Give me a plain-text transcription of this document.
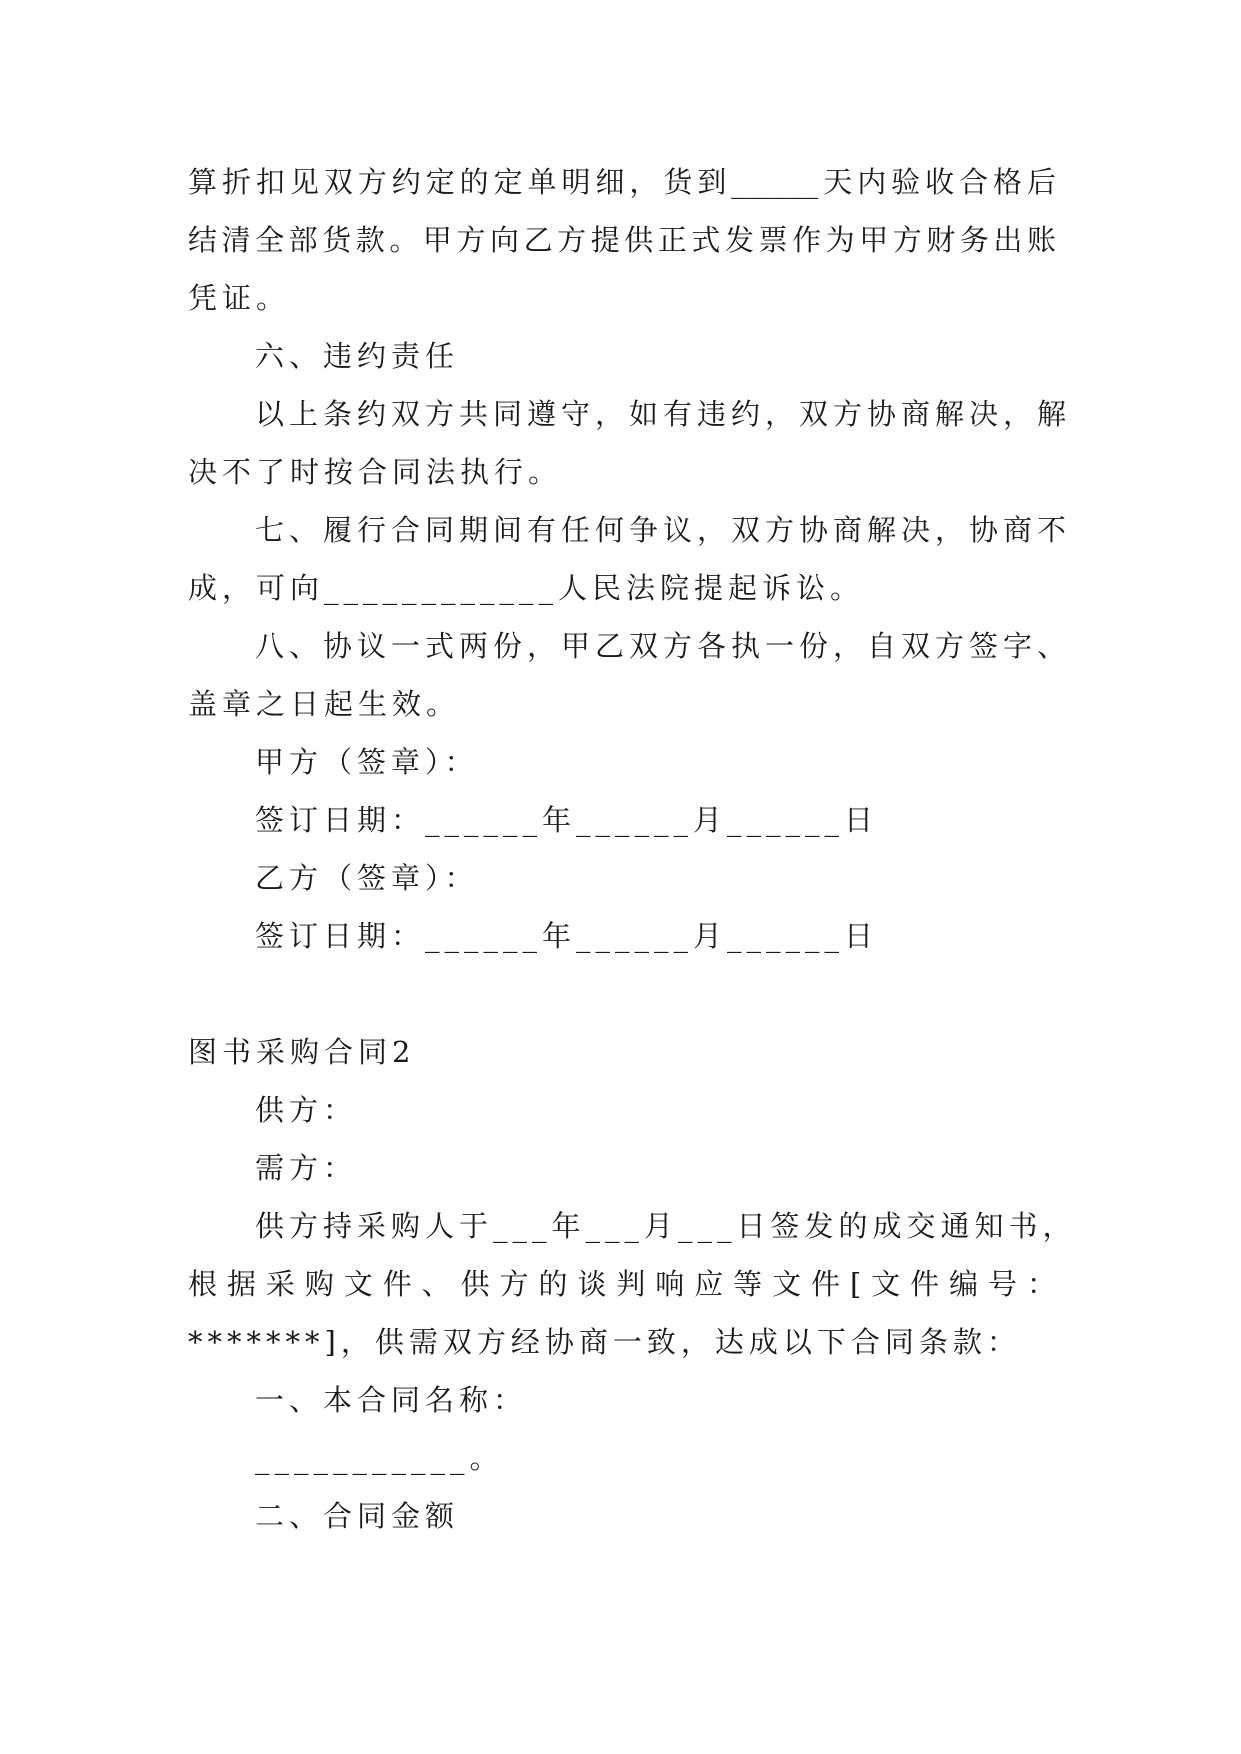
算折扣见双方约定的定单明细，货到______天内验收合格后
结清全部货款。甲方向乙方提供正式发票作为甲方财务出账
凭证。
六、违约责任
以上条约双方共同遵守，如有违约，双方协商解决，解
决不了时按合同法执行。
七、履行合同期间有任何争议，双方协商解决，协商不
成，可向____________人民法院提起诉讼。
八、协议一式两份，甲乙双方各执一份，自双方签字、
盖章之日起生效。
甲方（签章）：
签订日期：______年______月______日
乙方（签章）：
签订日期：______年______月______日
图书采购合同2
供方：
需方：
供方持采购人于___年___月___日签发的成交通知书，
根据采购文件、供方的谈判响应等文件[文件编号：
*******]，供需双方经协商一致，达成以下合同条款：
一、本合同名称：
___________。
二、合同金额
